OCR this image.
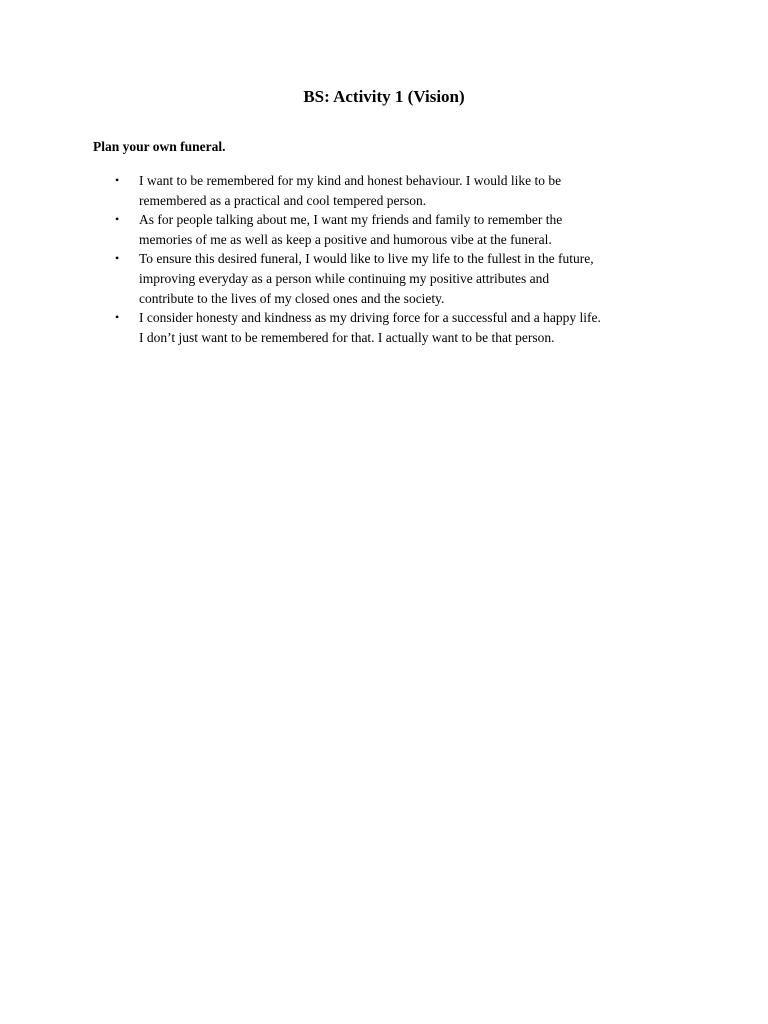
BS: Activity 1 (Vision)

Plan your own funeral.

• I want to be remembered for my kind and honest behaviour. I would like to be
remembered as a practical and cool tempered person.
• As for people talking about me, I want my friends and family to remember the
memories of me as well as keep a positive and humorous vibe at the funeral.
• To ensure this desired funeral, I would like to live my life to the fullest in the future,
improving everyday as a person while continuing my positive attributes and
contribute to the lives of my closed ones and the society.
• I consider honesty and kindness as my driving force for a successful and a happy life.
I don’t just want to be remembered for that. I actually want to be that person.
